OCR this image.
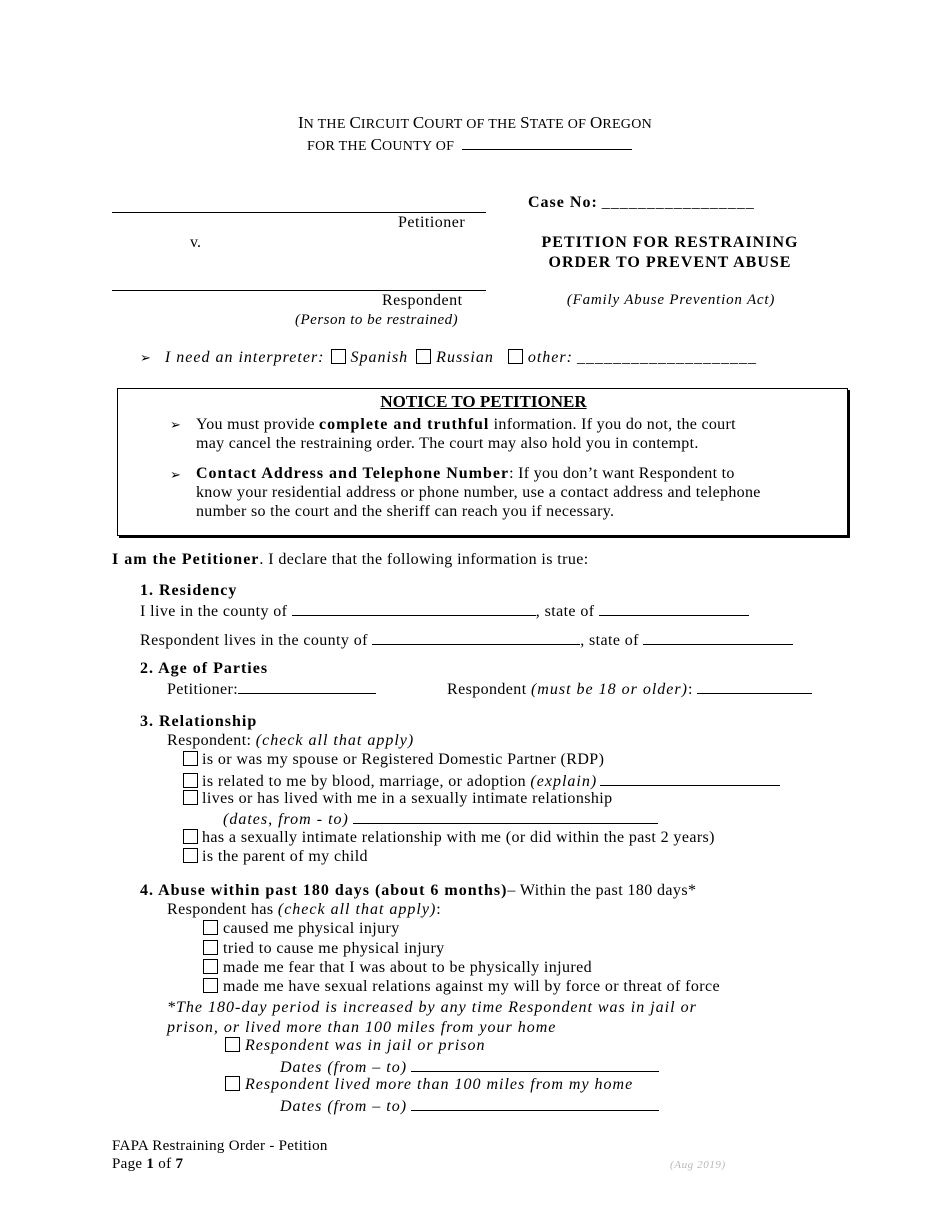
IN THE CIRCUIT COURT OF THE STATE OF OREGON
FOR THE COUNTY OF
Petitioner
v.
Respondent
(Person to be restrained)
Case No: _________________
PETITION FOR RESTRAINING
ORDER TO PREVENT ABUSE
(Family Abuse Prevention Act)
➢ I need an interpreter: Spanish Russian other: ____________________
NOTICE TO PETITIONER
➢ You must provide complete and truthful information. If you do not, the court
may cancel the restraining order. The court may also hold you in contempt.
➢ Contact Address and Telephone Number: If you don’t want Respondent to
know your residential address or phone number, use a contact address and telephone
number so the court and the sheriff can reach you if necessary.
I am the Petitioner. I declare that the following information is true:
1. Residency
I live in the county of	, state of
Respondent lives in the county of	, state of
2. Age of Parties
Petitioner:	Respondent (must be 18 or older):
3. Relationship
Respondent: (check all that apply)
is or was my spouse or Registered Domestic Partner (RDP)
is related to me by blood, marriage, or adoption (explain)
lives or has lived with me in a sexually intimate relationship
(dates, from - to)
has a sexually intimate relationship with me (or did within the past 2 years)
is the parent of my child
4. Abuse within past 180 days (about 6 months)– Within the past 180 days*
Respondent has (check all that apply):
caused me physical injury
tried to cause me physical injury
made me fear that I was about to be physically injured
made me have sexual relations against my will by force or threat of force
*The 180-day period is increased by any time Respondent was in jail or
prison, or lived more than 100 miles from your home
Respondent was in jail or prison
Dates (from – to)
Respondent lived more than 100 miles from my home
Dates (from – to)
FAPA Restraining Order - Petition
Page 1 of 7	(Aug 2019)
